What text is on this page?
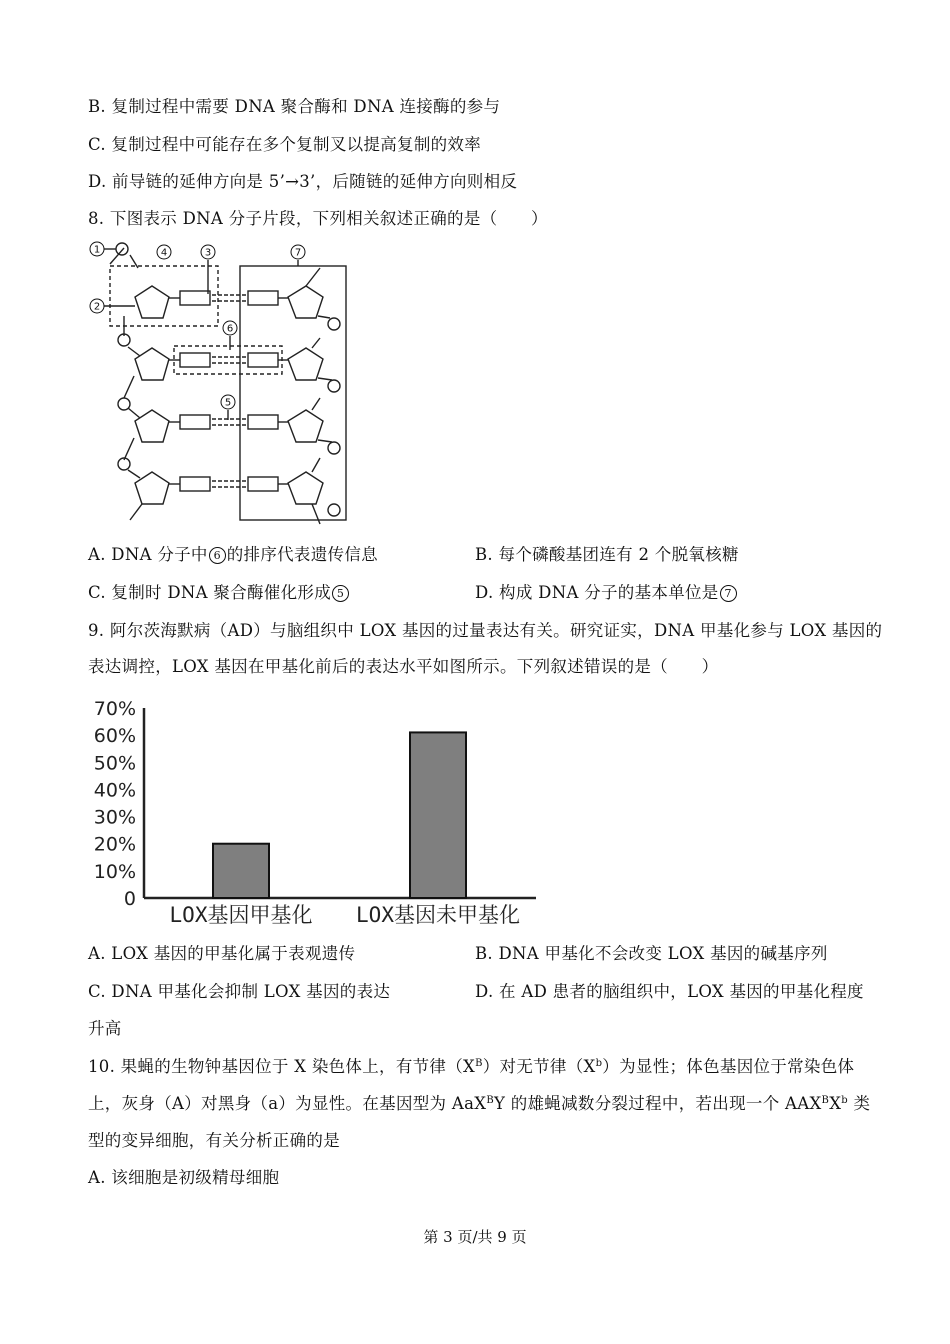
B. 复制过程中需要 DNA 聚合酶和 DNA 连接酶的参与
C. 复制过程中可能存在多个复制叉以提高复制的效率
D. 前导链的延伸方向是 5’→3’，后随链的延伸方向则相反
8. 下图表示 DNA 分子片段，下列相关叙述正确的是（　　）
1
2
3
4
5
6
7
A. DNA 分子中 6 的排序代表遗传信息	B. 每个磷酸基团连有 2 个脱氧核糖
C. 复制时 DNA 聚合酶催化形成 5	D. 构成 DNA 分子的基本单位是 7
9. 阿尔茨海默病（AD）与脑组织中 LOX 基因的过量表达有关。研究证实，DNA 甲基化参与 LOX 基因的
表达调控，LOX 基因在甲基化前后的表达水平如图所示。下列叙述错误的是（　　）
0
10%
20%
30%
40%
50%
60%
70%
LOX基因甲基化 LOX基因未甲基化
A. LOX 基因的甲基化属于表观遗传	B. DNA 甲基化不会改变 LOX 基因的碱基序列
C. DNA 甲基化会抑制 LOX 基因的表达	D. 在 AD 患者的脑组织中，LOX 基因的甲基化程度
升高
10. 果蝇的生物钟基因位于 X 染色体上，有节律$(X^B)$对无节律$(X^b)$为显性；体色基因位于常染色体
上，灰身（A）对黑身（a）为显性。在基因型为 AaX$^B$Y 的雄蝇减数分裂过程中，若出现一个 $AAX^BX^b$ 类
型的变异细胞，有关分析正确的是
A. 该细胞是初级精母细胞
第 3 页/共 9 页
